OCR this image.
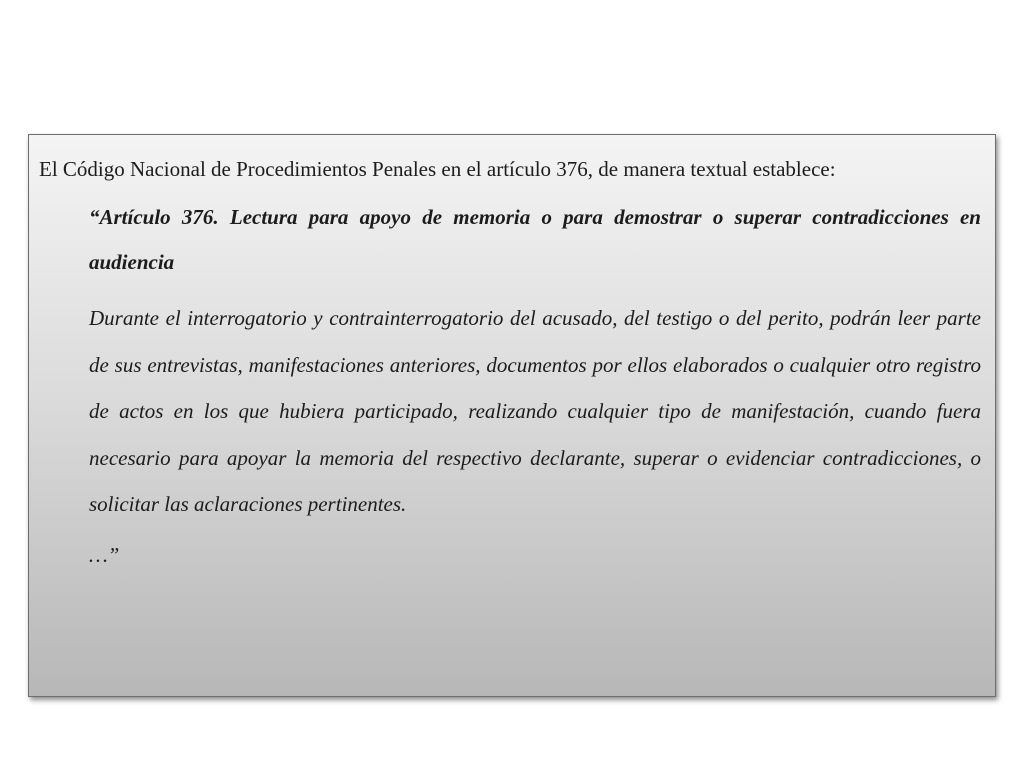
El Código Nacional de Procedimientos Penales en el artículo 376, de manera textual establece:

“Artículo 376. Lectura para apoyo de memoria o para demostrar o superar contradicciones en audiencia

Durante el interrogatorio y contrainterrogatorio del acusado, del testigo o del perito, podrán leer parte de sus entrevistas, manifestaciones anteriores, documentos por ellos elaborados o cualquier otro registro de actos en los que hubiera participado, realizando cualquier tipo de manifestación, cuando fuera necesario para apoyar la memoria del respectivo declarante, superar o evidenciar contradicciones, o solicitar las aclaraciones pertinentes.

…”
